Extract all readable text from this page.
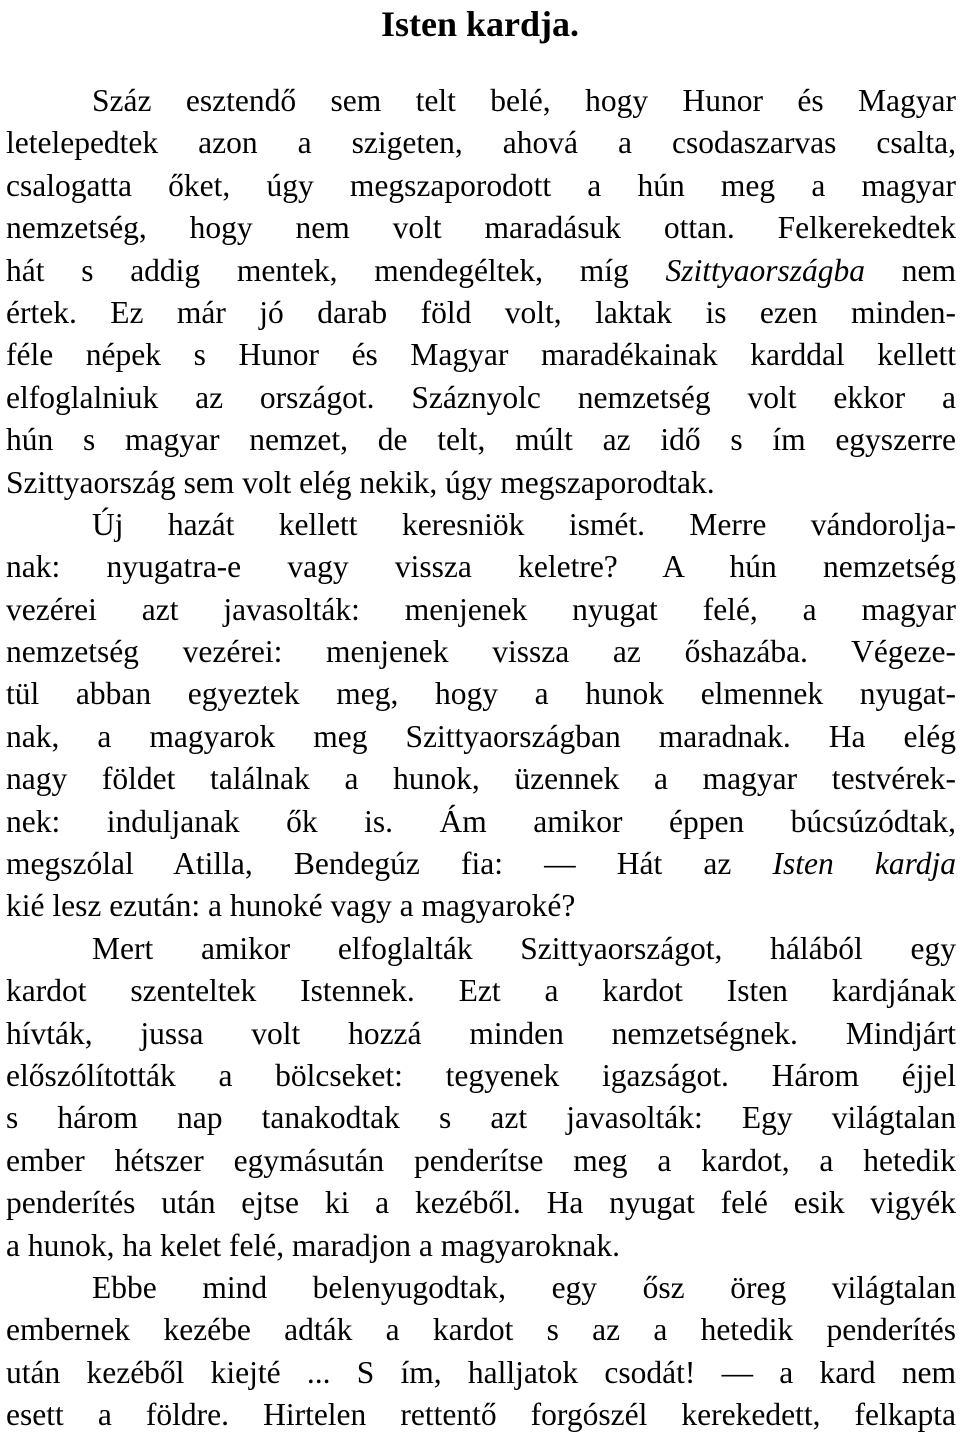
Isten kardja.
Száz esztendő sem telt belé, hogy Hunor és Magyar
letelepedtek azon a szigeten, ahová a csodaszarvas csalta,
csalogatta őket, úgy megszaporodott a hún meg a magyar
nemzetség, hogy nem volt maradásuk ottan. Felkerekedtek
hát s addig mentek, mendegéltek, míg Szittyaországba nem
értek. Ez már jó darab föld volt, laktak is ezen minden-
féle népek s Hunor és Magyar maradékainak karddal kellett
elfoglalniuk az országot. Száznyolc nemzetség volt ekkor a
hún s magyar nemzet, de telt, múlt az idő s ím egyszerre
Szittyaország sem volt elég nekik, úgy megszaporodtak.
Új hazát kellett keresniök ismét. Merre vándorolja-
nak: nyugatra-e vagy vissza keletre? A hún nemzetség
vezérei azt javasolták: menjenek nyugat felé, a magyar
nemzetség vezérei: menjenek vissza az őshazába. Végeze-
tül abban egyeztek meg, hogy a hunok elmennek nyugat-
nak, a magyarok meg Szittyaországban maradnak. Ha elég
nagy földet találnak a hunok, üzennek a magyar testvérek-
nek: induljanak ők is. Ám amikor éppen búcsúzódtak,
megszólal Atilla, Bendegúz fia: — Hát az Isten kardja
kié lesz ezután: a hunoké vagy a magyaroké?
Mert amikor elfoglalták Szittyaországot, hálából egy
kardot szenteltek Istennek. Ezt a kardot Isten kardjának
hívták, jussa volt hozzá minden nemzetségnek. Mindjárt
előszólították a bölcseket: tegyenek igazságot. Három éjjel
s három nap tanakodtak s azt javasolták: Egy világtalan
ember hétszer egymásután penderítse meg a kardot, a hetedik
penderítés után ejtse ki a kezéből. Ha nyugat felé esik vigyék
a hunok, ha kelet felé, maradjon a magyaroknak.
Ebbe mind belenyugodtak, egy ősz öreg világtalan
embernek kezébe adták a kardot s az a hetedik penderítés
után kezéből kiejté ... S ím, halljatok csodát! — a kard nem
esett a földre. Hirtelen rettentő forgószél kerekedett, felkapta
